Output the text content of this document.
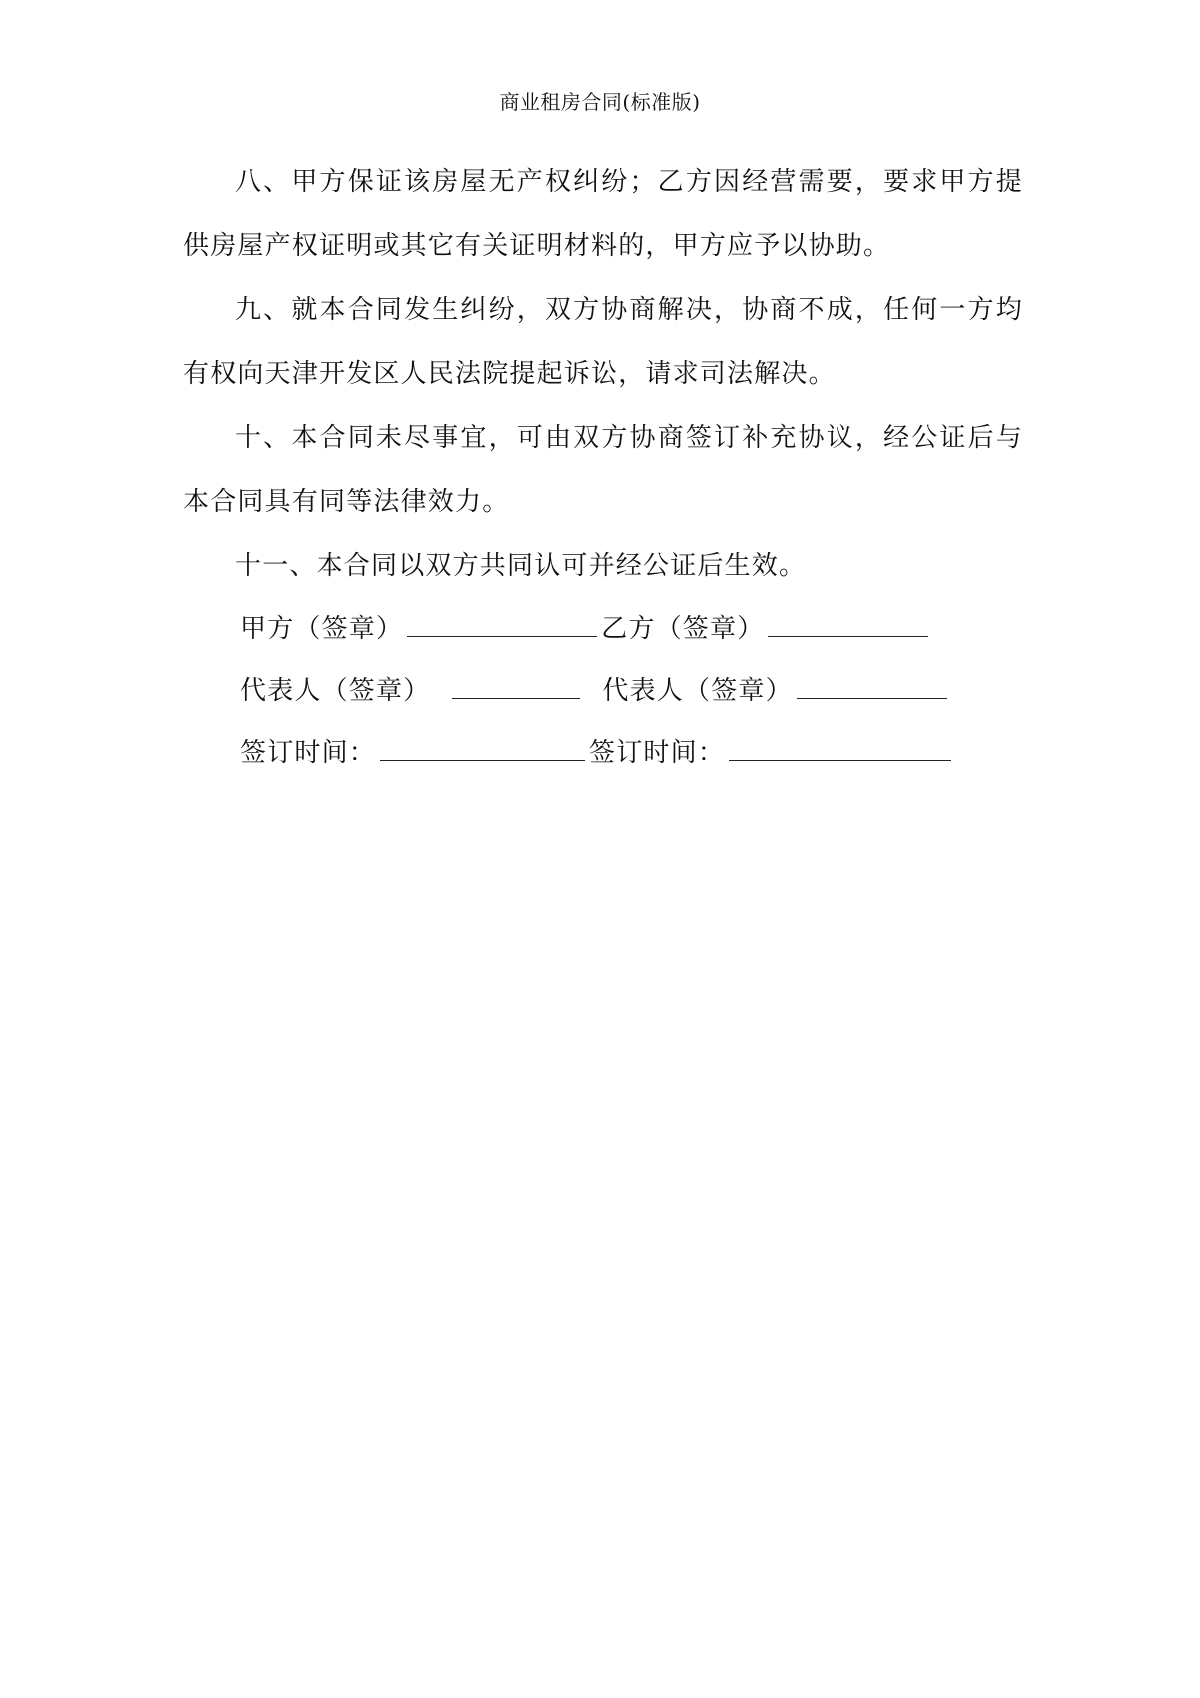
商业租房合同(标准版)

八、甲方保证该房屋无产权纠纷；乙方因经营需要，要求甲方提供房屋产权证明或其它有关证明材料的，甲方应予以协助。

九、就本合同发生纠纷，双方协商解决，协商不成，任何一方均有权向天津开发区人民法院提起诉讼，请求司法解决。

十、本合同未尽事宜，可由双方协商签订补充协议，经公证后与本合同具有同等法律效力。

十一、本合同以双方共同认可并经公证后生效。

甲方（签章）	乙方（签章）
代表人（签章）	代表人（签章）
签订时间：	签订时间：
